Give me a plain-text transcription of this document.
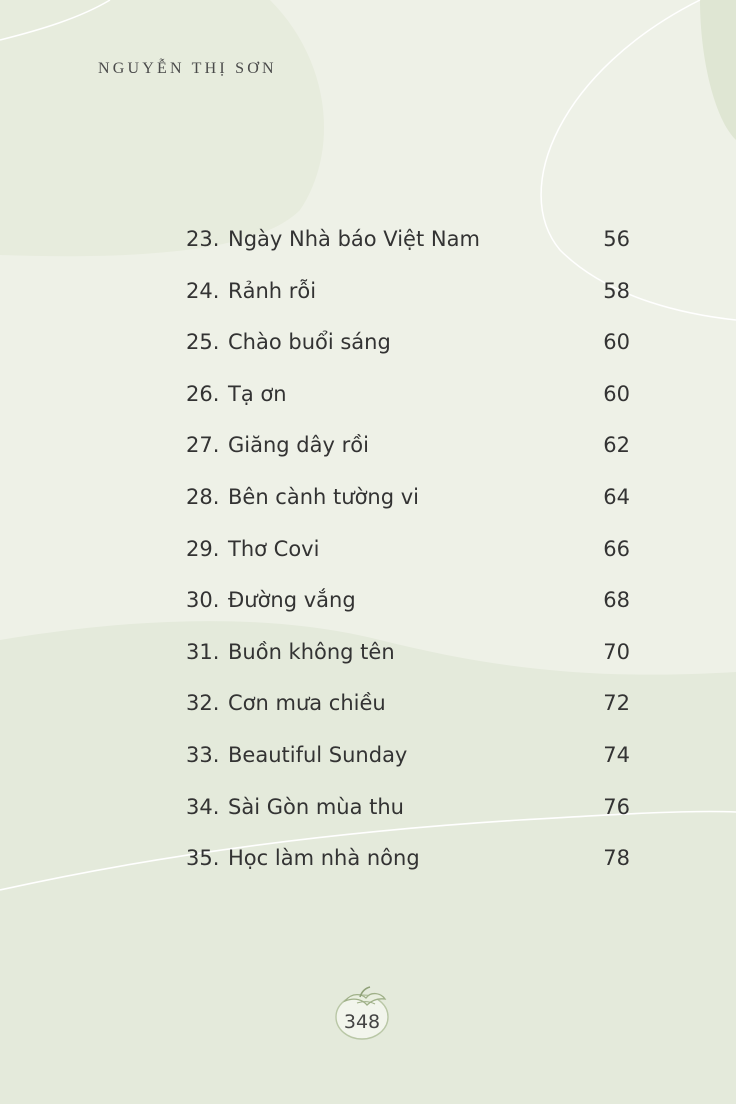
NGUYỄN THỊ SƠN
23. Ngày Nhà báo Việt Nam	56
24. Rảnh rỗi	58
25. Chào buổi sáng	60
26. Tạ ơn	60
27. Giăng dây rồi	62
28. Bên cành tường vi	64
29. Thơ Covi	66
30. Đường vắng	68
31. Buồn không tên	70
32. Cơn mưa chiều	72
33. Beautiful Sunday	74
34. Sài Gòn mùa thu	76
35. Học làm nhà nông	78
348
